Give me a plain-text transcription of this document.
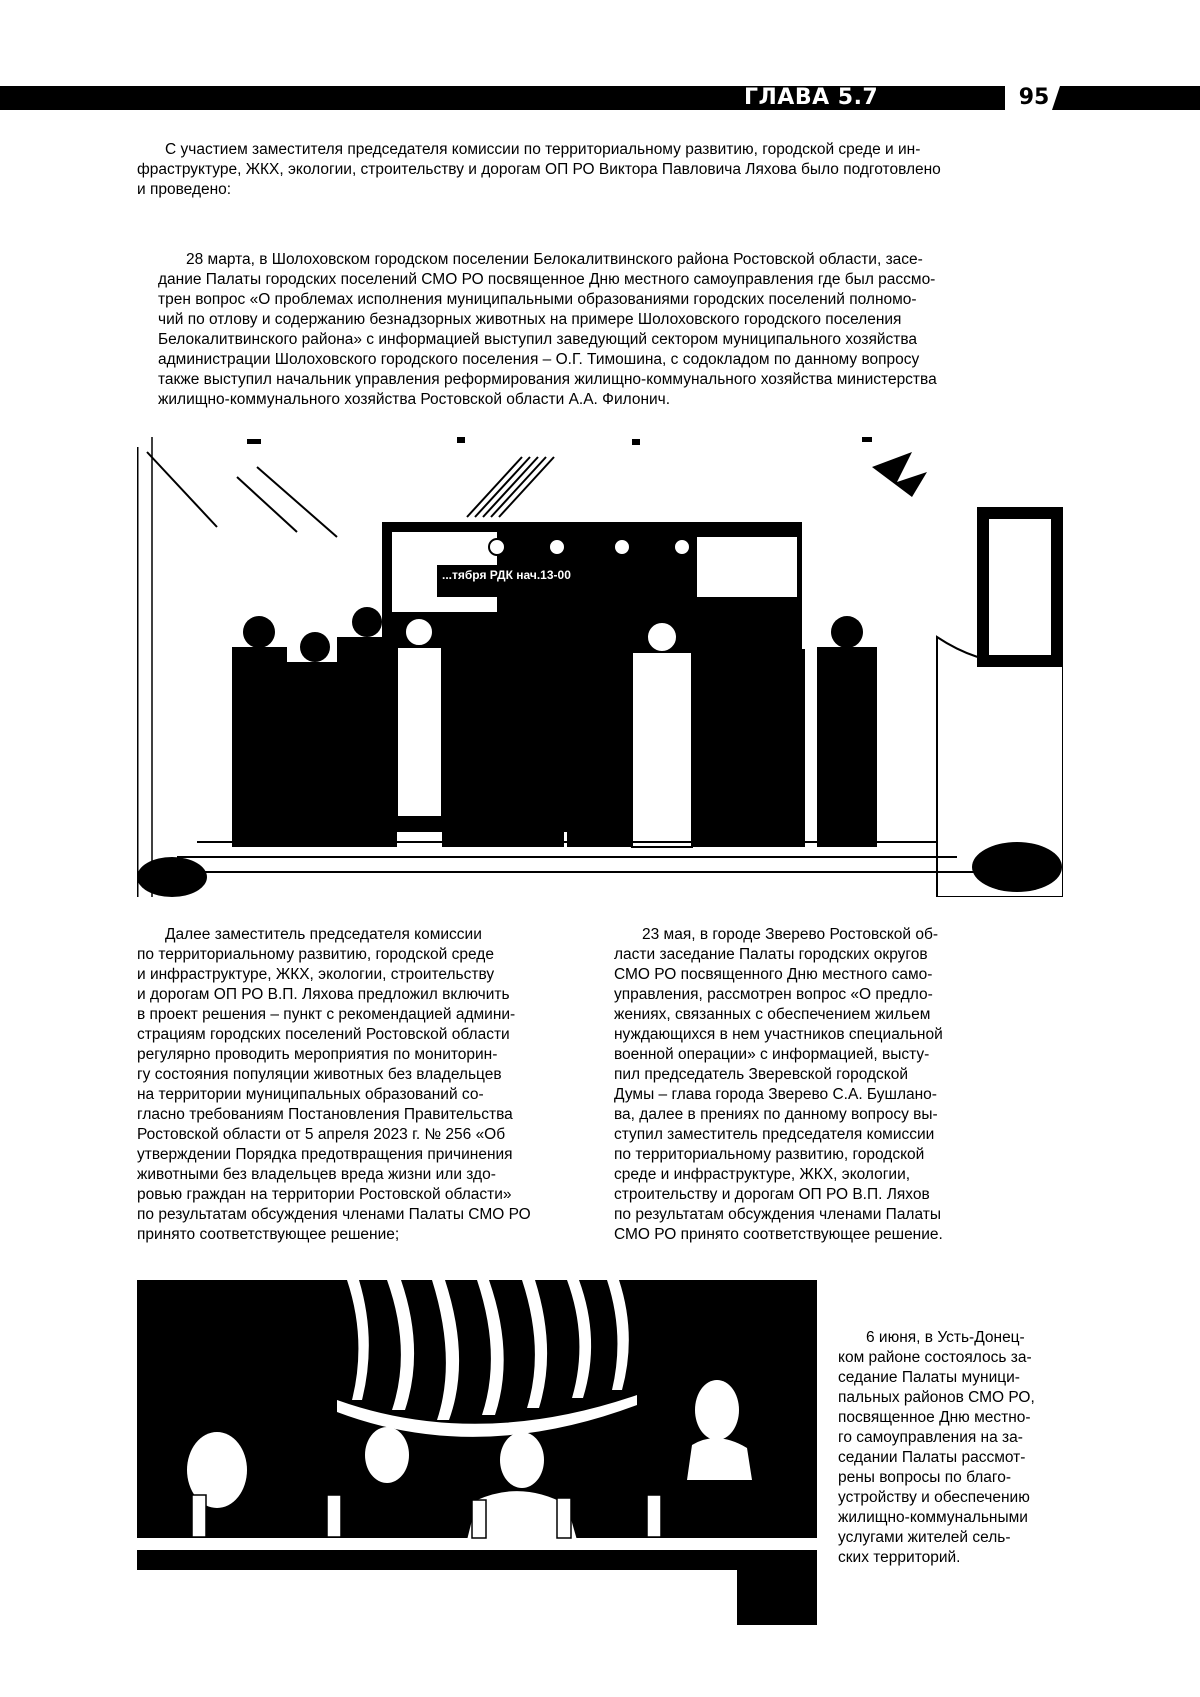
ГЛАВА 5.7	95

С участием заместителя председателя комиссии по территориальному развитию, городской среде и ин-
фраструктуре, ЖКХ, экологии, строительству и дорогам ОП РО Виктора Павловича Ляхова было подготовлено
и проведено:

28 марта, в Шолоховском городском поселении Белокалитвинского района Ростовской области, засе-
дание Палаты городских поселений СМО РО посвященное Дню местного самоуправления где был рассмо-
трен вопрос «О проблемах исполнения муниципальными образованиями городских поселений полномо-
чий по отлову и содержанию безнадзорных животных на примере Шолоховского городского поселения
Белокалитвинского района» с информацией выступил заведующий сектором муниципального хозяйства
администрации Шолоховского городского поселения – О.Г. Тимошина, с содокладом по данному вопросу
также выступил начальник управления реформирования жилищно-коммунального хозяйства министерства
жилищно-коммунального хозяйства Ростовской области А.А. Филонич.

...тября РДК нач.13-00

Далее заместитель председателя комиссии
по территориальному развитию, городской среде
и инфраструктуре, ЖКХ, экологии, строительству
и дорогам ОП РО В.П. Ляхова предложил включить
в проект решения – пункт с рекомендацией админи-
страциям городских поселений Ростовской области
регулярно проводить мероприятия по мониторин-
гу состояния популяции животных без владельцев
на территории муниципальных образований со-
гласно требованиям Постановления Правительства
Ростовской области от 5 апреля 2023 г. № 256 «Об
утверждении Порядка предотвращения причинения
животными без владельцев вреда жизни или здо-
ровью граждан на территории Ростовской области»
по результатам обсуждения членами Палаты СМО РО
принято соответствующее решение;

23 мая, в городе Зверево Ростовской об-
ласти заседание Палаты городских округов
СМО РО посвященного Дню местного само-
управления, рассмотрен вопрос «О предло-
жениях, связанных с обеспечением жильем
нуждающихся в нем участников специальной
военной операции» с информацией, высту-
пил председатель Зверевской городской
Думы – глава города Зверево С.А. Бушлано-
ва, далее в прениях по данному вопросу вы-
ступил заместитель председателя комиссии
по территориальному развитию, городской
среде и инфраструктуре, ЖКХ, экологии,
строительству и дорогам ОП РО В.П. Ляхов
по результатам обсуждения членами Палаты
СМО РО принято соответствующее решение.

6 июня, в Усть-Донец-
ком районе состоялось за-
седание Палаты муници-
пальных районов СМО РО,
посвященное Дню местно-
го самоуправления на за-
седании Палаты рассмот-
рены вопросы по благо-
устройству и обеспечению
жилищно-коммунальными
услугами жителей сель-
ских территорий.
